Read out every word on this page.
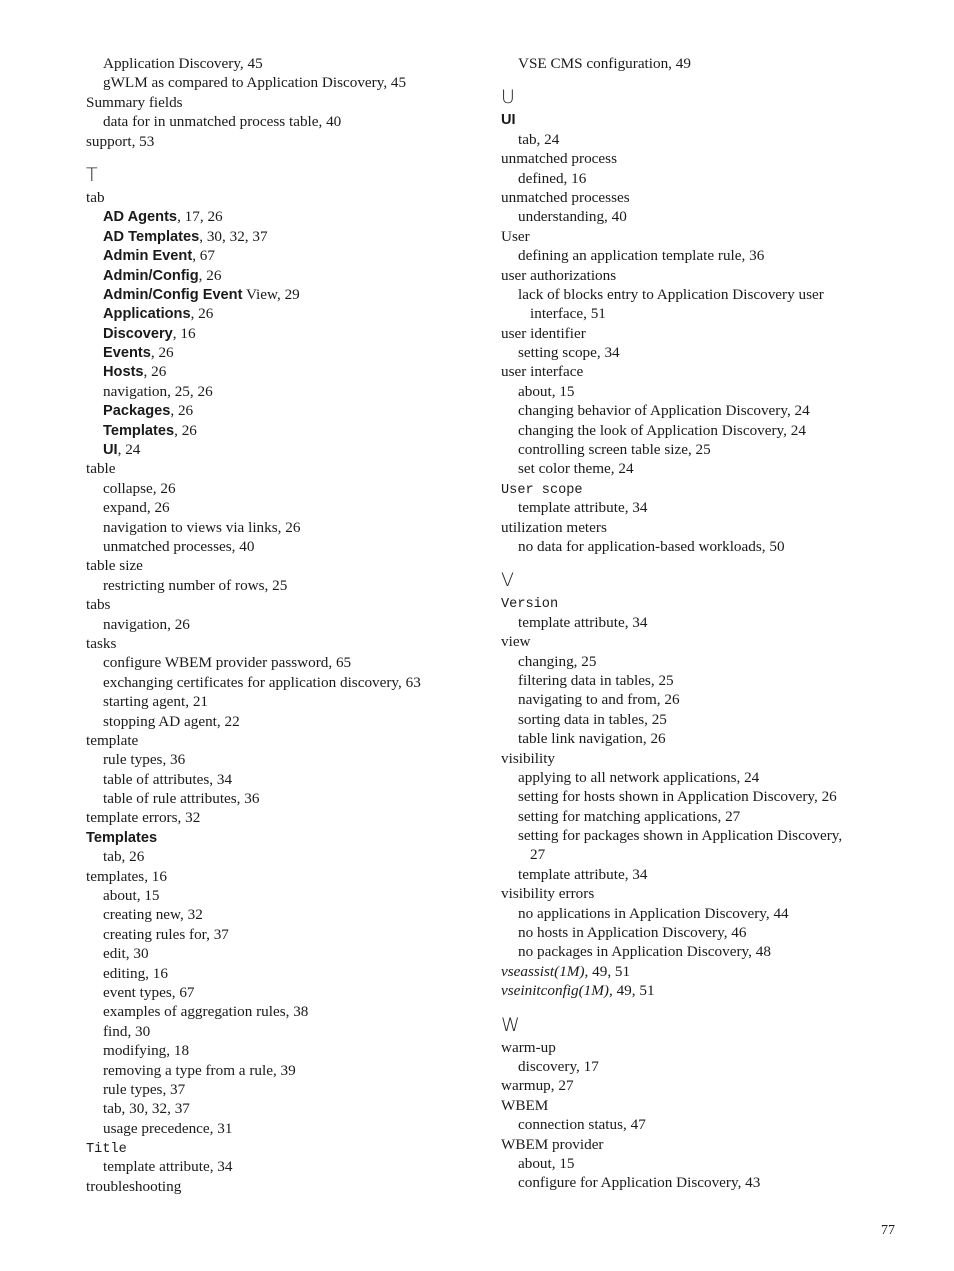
Application Discovery, 45
gWLM as compared to Application Discovery, 45
Summary fields
data for in unmatched process table, 40
support, 53
T
tab
AD Agents, 17, 26
AD Templates, 30, 32, 37
Admin Event, 67
Admin/Config, 26
Admin/Config Event View, 29
Applications, 26
Discovery, 16
Events, 26
Hosts, 26
navigation, 25, 26
Packages, 26
Templates, 26
UI, 24
table
collapse, 26
expand, 26
navigation to views via links, 26
unmatched processes, 40
table size
restricting number of rows, 25
tabs
navigation, 26
tasks
configure WBEM provider password, 65
exchanging certificates for application discovery, 63
starting agent, 21
stopping AD agent, 22
template
rule types, 36
table of attributes, 34
table of rule attributes, 36
template errors, 32
Templates
tab, 26
templates, 16
about, 15
creating new, 32
creating rules for, 37
edit, 30
editing, 16
event types, 67
examples of aggregation rules, 38
find, 30
modifying, 18
removing a type from a rule, 39
rule types, 37
tab, 30, 32, 37
usage precedence, 31
Title
template attribute, 34
troubleshooting
VSE CMS configuration, 49
U
UI
tab, 24
unmatched process
defined, 16
unmatched processes
understanding, 40
User
defining an application template rule, 36
user authorizations
lack of blocks entry to Application Discovery user
interface, 51
user identifier
setting scope, 34
user interface
about, 15
changing behavior of Application Discovery, 24
changing the look of Application Discovery, 24
controlling screen table size, 25
set color theme, 24
User scope
template attribute, 34
utilization meters
no data for application-based workloads, 50
V
Version
template attribute, 34
view
changing, 25
filtering data in tables, 25
navigating to and from, 26
sorting data in tables, 25
table link navigation, 26
visibility
applying to all network applications, 24
setting for hosts shown in Application Discovery, 26
setting for matching applications, 27
setting for packages shown in Application Discovery,
27
template attribute, 34
visibility errors
no applications in Application Discovery, 44
no hosts in Application Discovery, 46
no packages in Application Discovery, 48
vseassist(1M), 49, 51
vseinitconfig(1M), 49, 51
W
warm-up
discovery, 17
warmup, 27
WBEM
connection status, 47
WBEM provider
about, 15
configure for Application Discovery, 43
77
